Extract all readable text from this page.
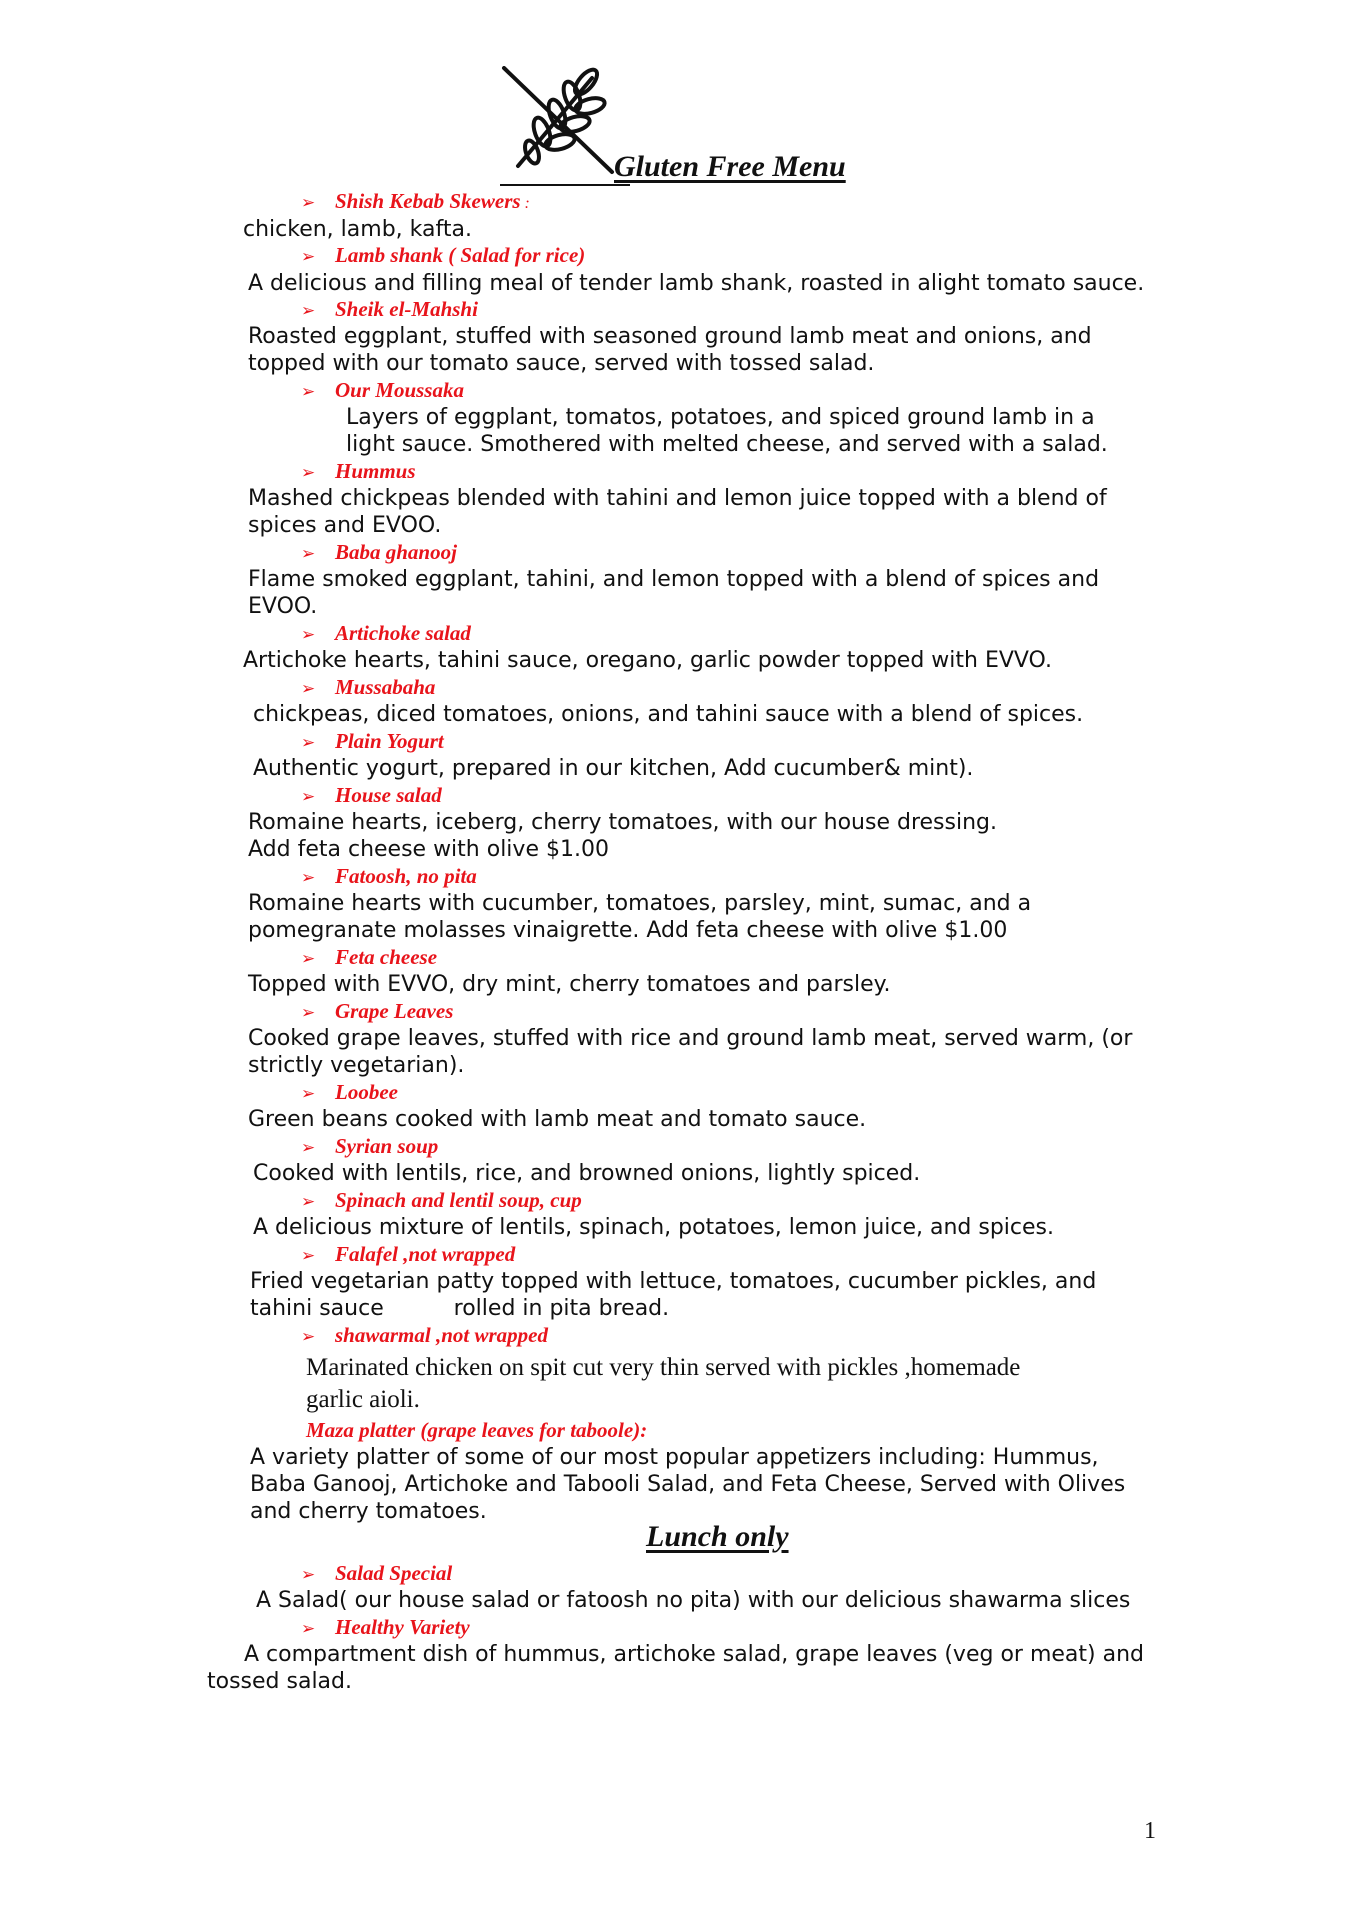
Gluten Free Menu
➢ Shish Kebab Skewers :

chicken, lamb, kafta.

➢ Lamb shank ( Salad for rice)

A delicious and filling meal of tender lamb shank, roasted in alight tomato sauce.

➢ Sheik el-Mahshi

Roasted eggplant, stuffed with seasoned ground lamb meat and onions, and
topped with our tomato sauce, served with tossed salad.

➢ Our Moussaka

Layers of eggplant, tomatos, potatoes, and spiced ground lamb in a
light sauce. Smothered with melted cheese, and served with a salad.

➢ Hummus

Mashed chickpeas blended with tahini and lemon juice topped with a blend of
spices and EVOO.

➢ Baba ghanooj

Flame smoked eggplant, tahini, and lemon topped with a blend of spices and
EVOO.

➢ Artichoke salad

Artichoke hearts, tahini sauce, oregano, garlic powder topped with EVVO.

➢ Mussabaha

chickpeas, diced tomatoes, onions, and tahini sauce with a blend of spices.

➢ Plain Yogurt

Authentic yogurt, prepared in our kitchen, Add cucumber& mint).

➢ House salad

Romaine hearts, iceberg, cherry tomatoes, with our house dressing.
Add feta cheese with olive $1.00

➢ Fatoosh, no pita

Romaine hearts with cucumber, tomatoes, parsley, mint, sumac, and a
pomegranate molasses vinaigrette. Add feta cheese with olive $1.00

➢ Feta cheese

Topped with EVVO, dry mint, cherry tomatoes and parsley.

➢ Grape Leaves

Cooked grape leaves, stuffed with rice and ground lamb meat, served warm, (or
strictly vegetarian).

➢ Loobee

Green beans cooked with lamb meat and tomato sauce.

➢ Syrian soup

Cooked with lentils, rice, and browned onions, lightly spiced.

➢ Spinach and lentil soup, cup

A delicious mixture of lentils, spinach, potatoes, lemon juice, and spices.

➢ Falafel ,not wrapped

Fried vegetarian patty topped with lettuce, tomatoes, cucumber pickles, and
tahini sauce          rolled in pita bread.

➢ shawarmal ,not wrapped

Marinated chicken on spit cut very thin served with pickles ,homemade
garlic aioli.

Maza platter (grape leaves for taboole):

A variety platter of some of our most popular appetizers including: Hummus,
Baba Ganooj, Artichoke and Tabooli Salad, and Feta Cheese, Served with Olives
and cherry tomatoes.

Lunch only
➢ Salad Special

A Salad( our house salad or fatoosh no pita) with our delicious shawarma slices

➢ Healthy Variety

A compartment dish of hummus, artichoke salad, grape leaves (veg or meat) and
tossed salad.

1
